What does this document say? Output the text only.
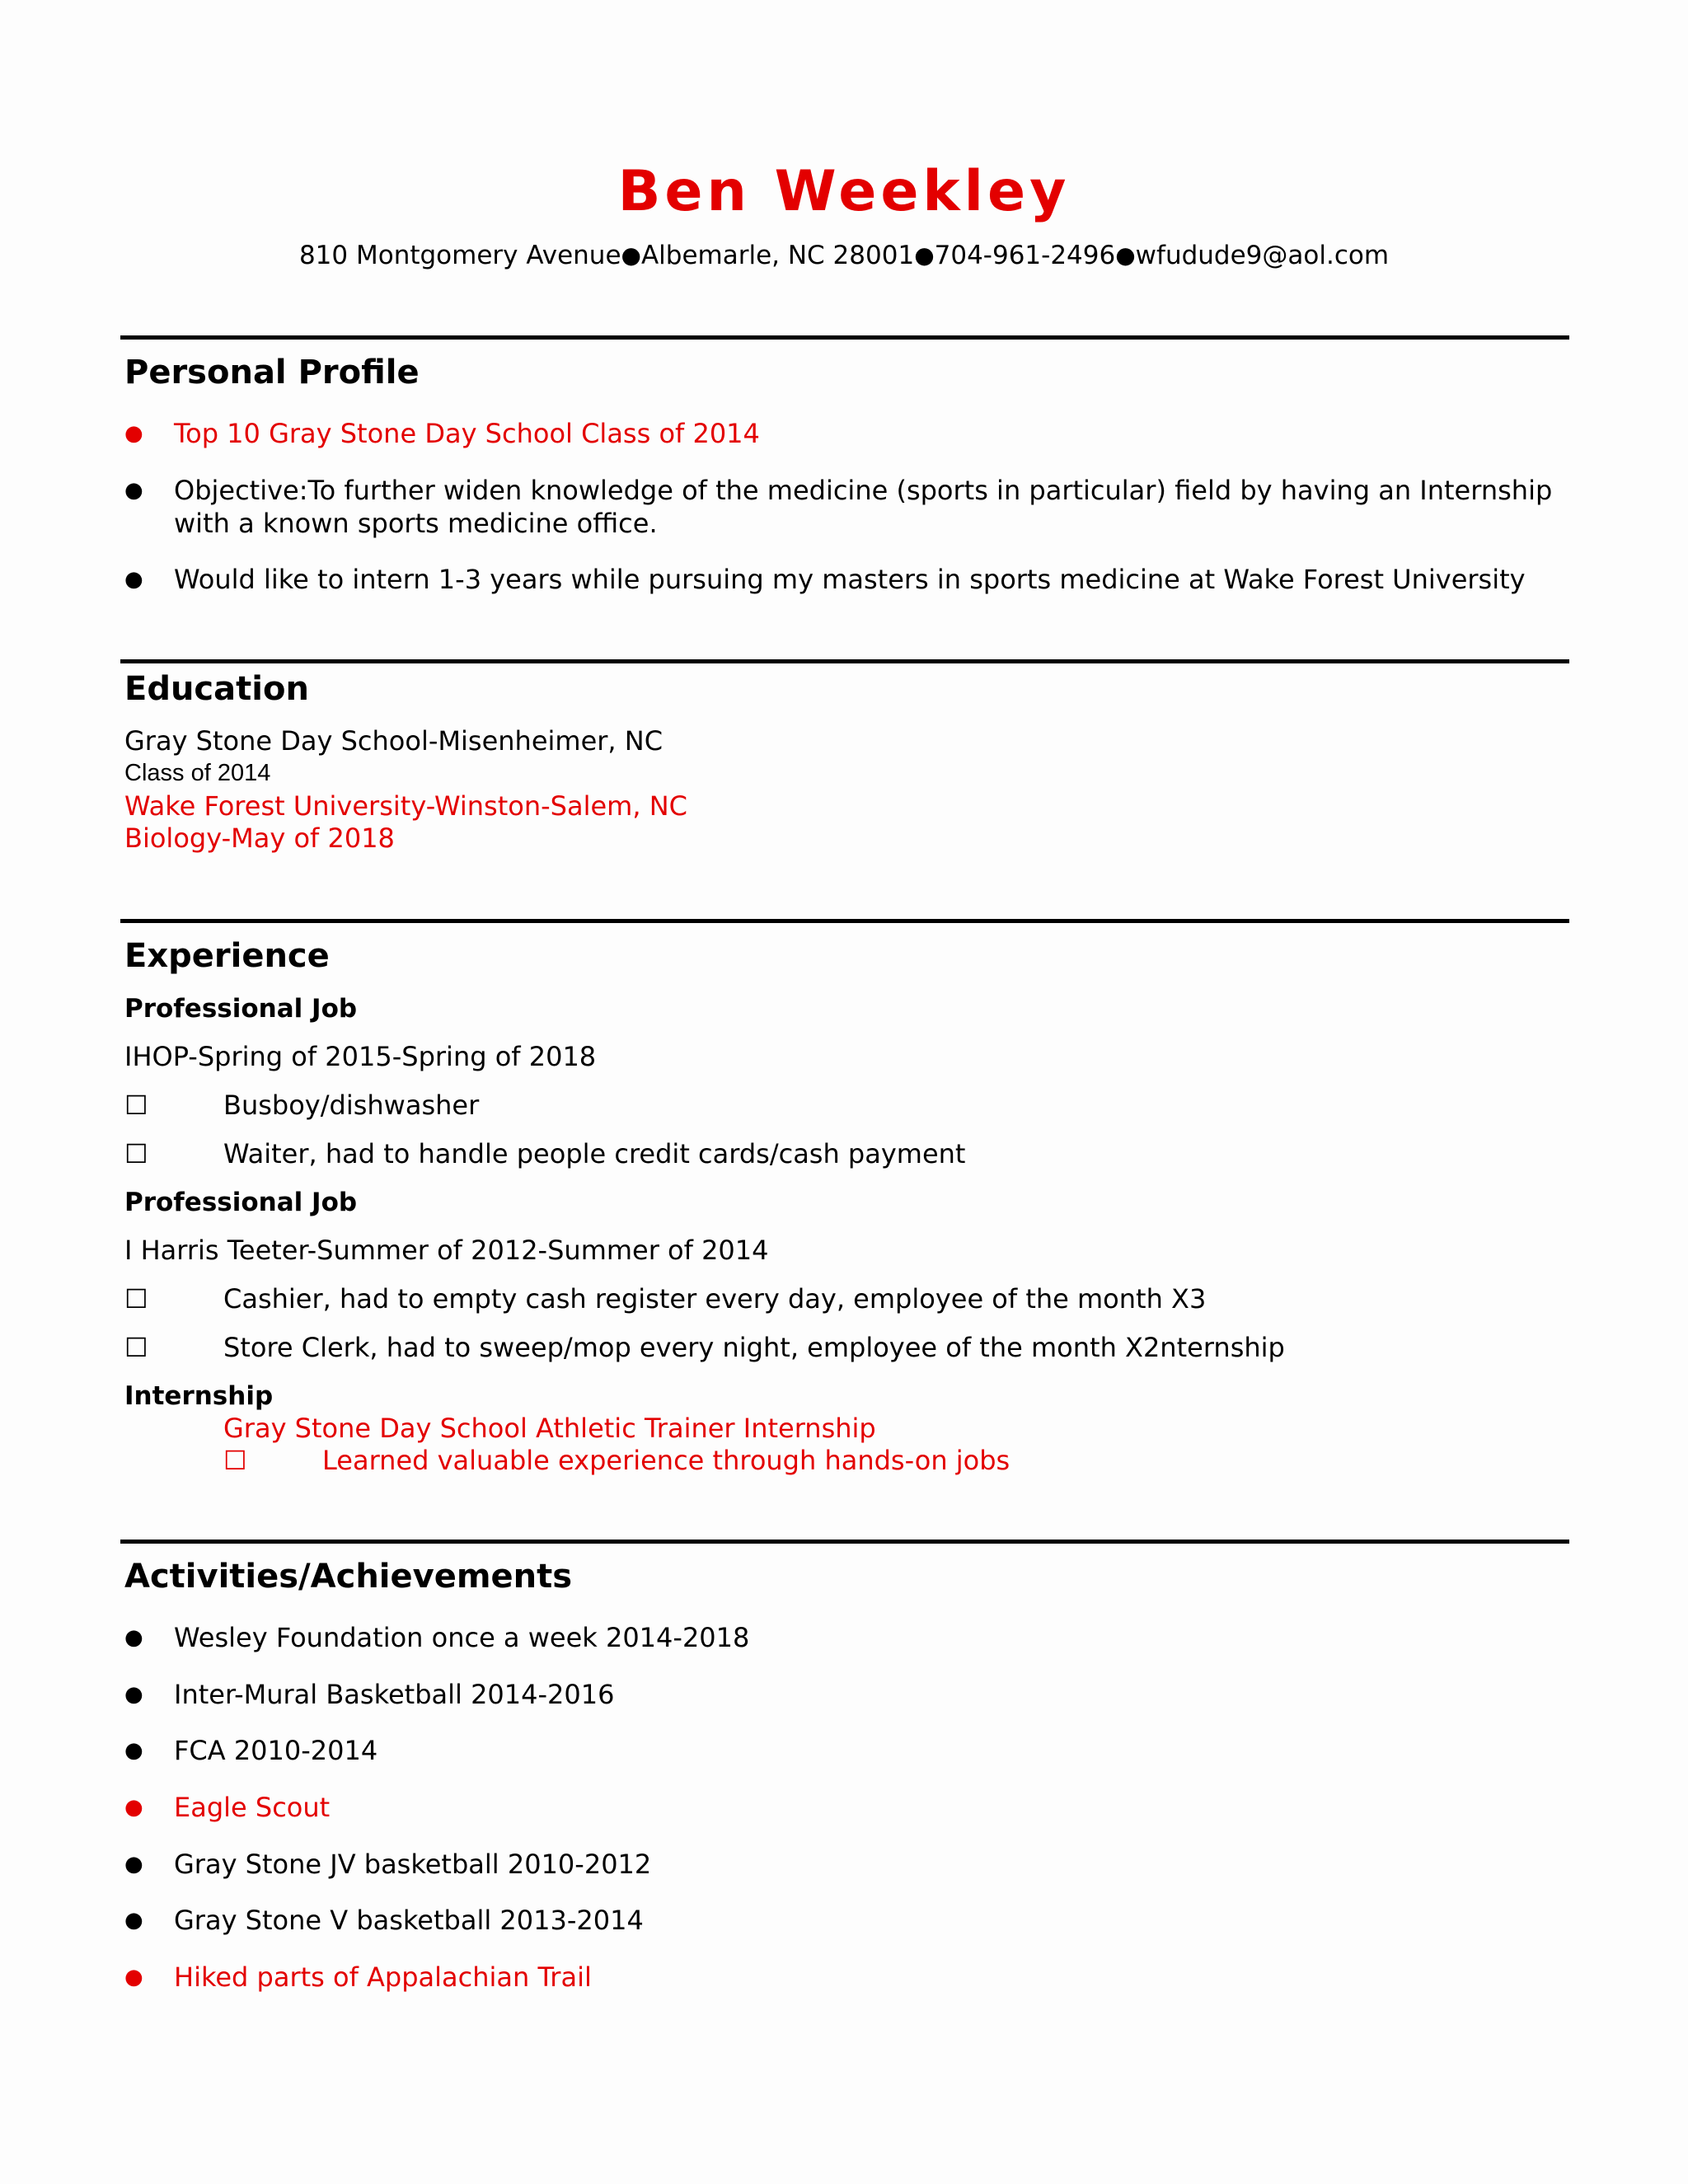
Ben Weekley
810 Montgomery Avenue●Albemarle, NC 28001●704-961-2496●wfudude9@aol.com
Personal Profile
● Top 10 Gray Stone Day School Class of 2014
● Objective:To further widen knowledge of the medicine (sports in particular) field by having an Internship with a known sports medicine office.
● Would like to intern 1-3 years while pursuing my masters in sports medicine at Wake Forest University
Education
Gray Stone Day School-Misenheimer, NC
Class of 2014
Wake Forest University-Winston-Salem, NC
Biology-May of 2018
Experience
Professional Job
IHOP-Spring of 2015-Spring of 2018
☐	Busboy/dishwasher
☐	Waiter, had to handle people credit cards/cash payment
Professional Job
I Harris Teeter-Summer of 2012-Summer of 2014
☐	Cashier, had to empty cash register every day, employee of the month X3
☐	Store Clerk, had to sweep/mop every night, employee of the month X2nternship
Internship
Gray Stone Day School Athletic Trainer Internship
☐	Learned valuable experience through hands-on jobs
Activities/Achievements
● Wesley Foundation once a week 2014-2018
● Inter-Mural Basketball 2014-2016
● FCA 2010-2014
● Eagle Scout
● Gray Stone JV basketball 2010-2012
● Gray Stone V basketball 2013-2014
● Hiked parts of Appalachian Trail
